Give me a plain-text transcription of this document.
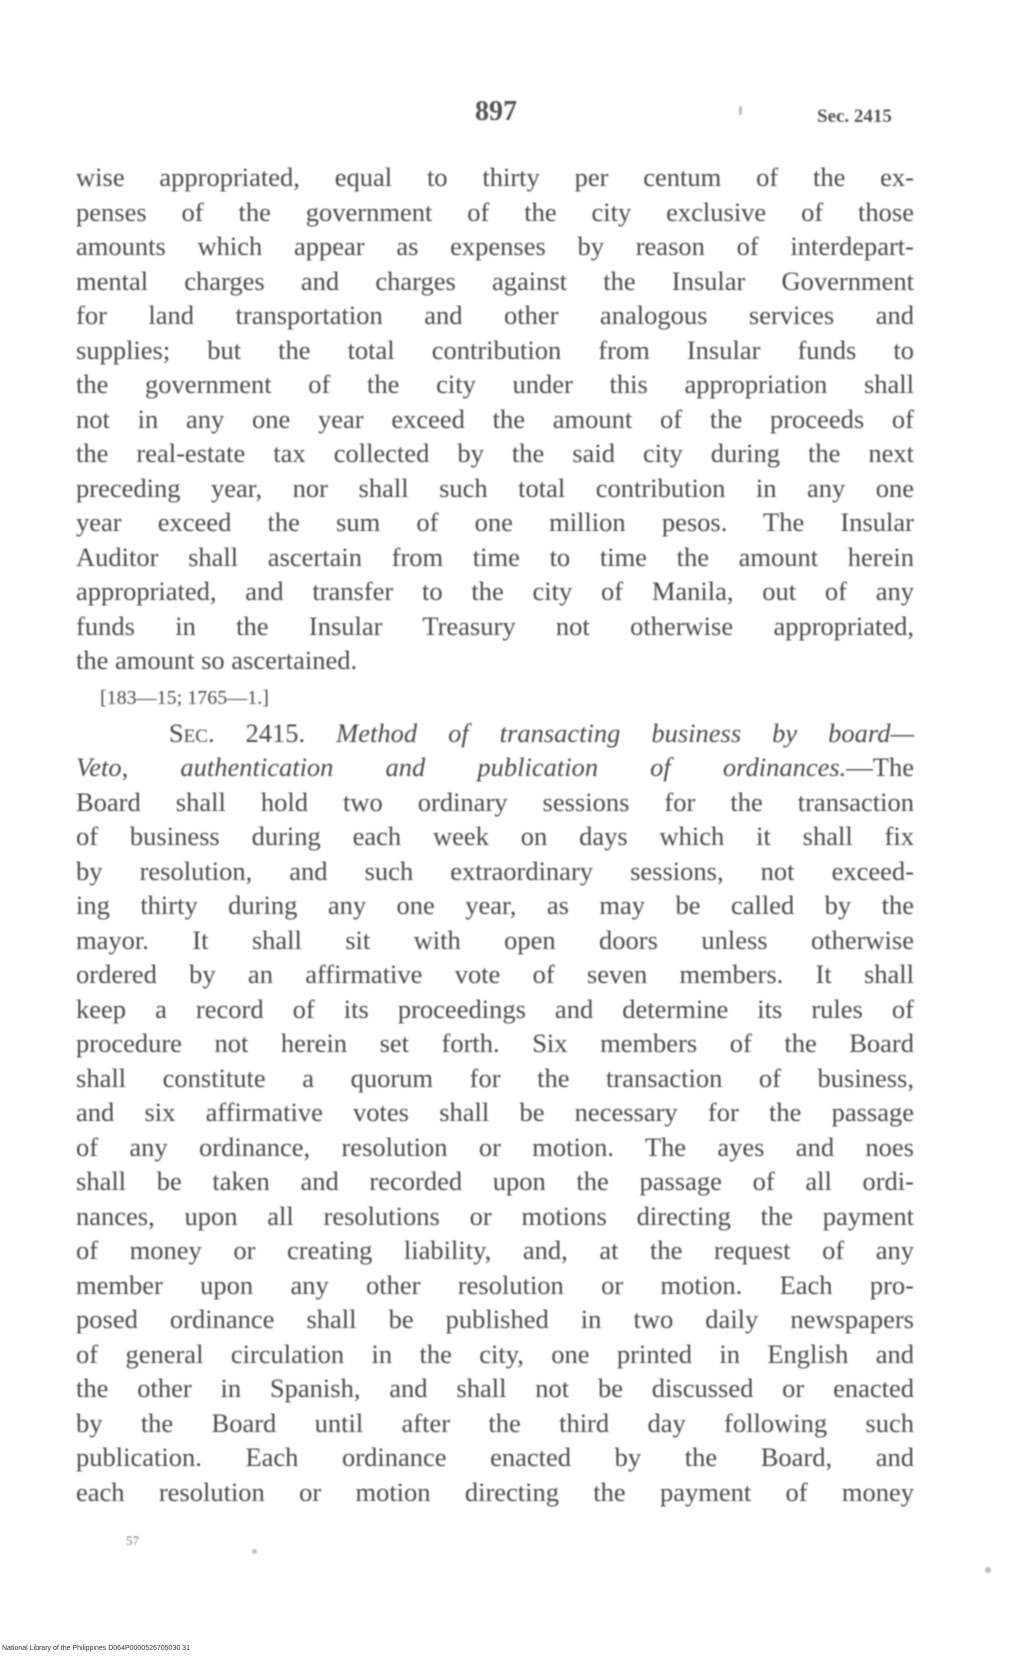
897	Sec. 2415
wise appropriated, equal to thirty per centum of the ex-
penses of the government of the city exclusive of those
amounts which appear as expenses by reason of interdepart-
mental charges and charges against the Insular Government
for land transportation and other analogous services and
supplies; but the total contribution from Insular funds to
the government of the city under this appropriation shall
not in any one year exceed the amount of the proceeds of
the real-estate tax collected by the said city during the next
preceding year, nor shall such total contribution in any one
year exceed the sum of one million pesos. The Insular
Auditor shall ascertain from time to time the amount herein
appropriated, and transfer to the city of Manila, out of any
funds in the Insular Treasury not otherwise appropriated,
the amount so ascertained.
[183—15; 1765—1.]
Sec. 2415. Method of transacting business by board—
Veto, authentication and publication of ordinances.—The
Board shall hold two ordinary sessions for the transaction
of business during each week on days which it shall fix
by resolution, and such extraordinary sessions, not exceed-
ing thirty during any one year, as may be called by the
mayor. It shall sit with open doors unless otherwise
ordered by an affirmative vote of seven members. It shall
keep a record of its proceedings and determine its rules of
procedure not herein set forth. Six members of the Board
shall constitute a quorum for the transaction of business,
and six affirmative votes shall be necessary for the passage
of any ordinance, resolution or motion. The ayes and noes
shall be taken and recorded upon the passage of all ordi-
nances, upon all resolutions or motions directing the payment
of money or creating liability, and, at the request of any
member upon any other resolution or motion. Each pro-
posed ordinance shall be published in two daily newspapers
of general circulation in the city, one printed in English and
the other in Spanish, and shall not be discussed or enacted
by the Board until after the third day following such
publication. Each ordinance enacted by the Board, and
each resolution or motion directing the payment of money
57
National Library of the Philippines D064P0000526705030 31
